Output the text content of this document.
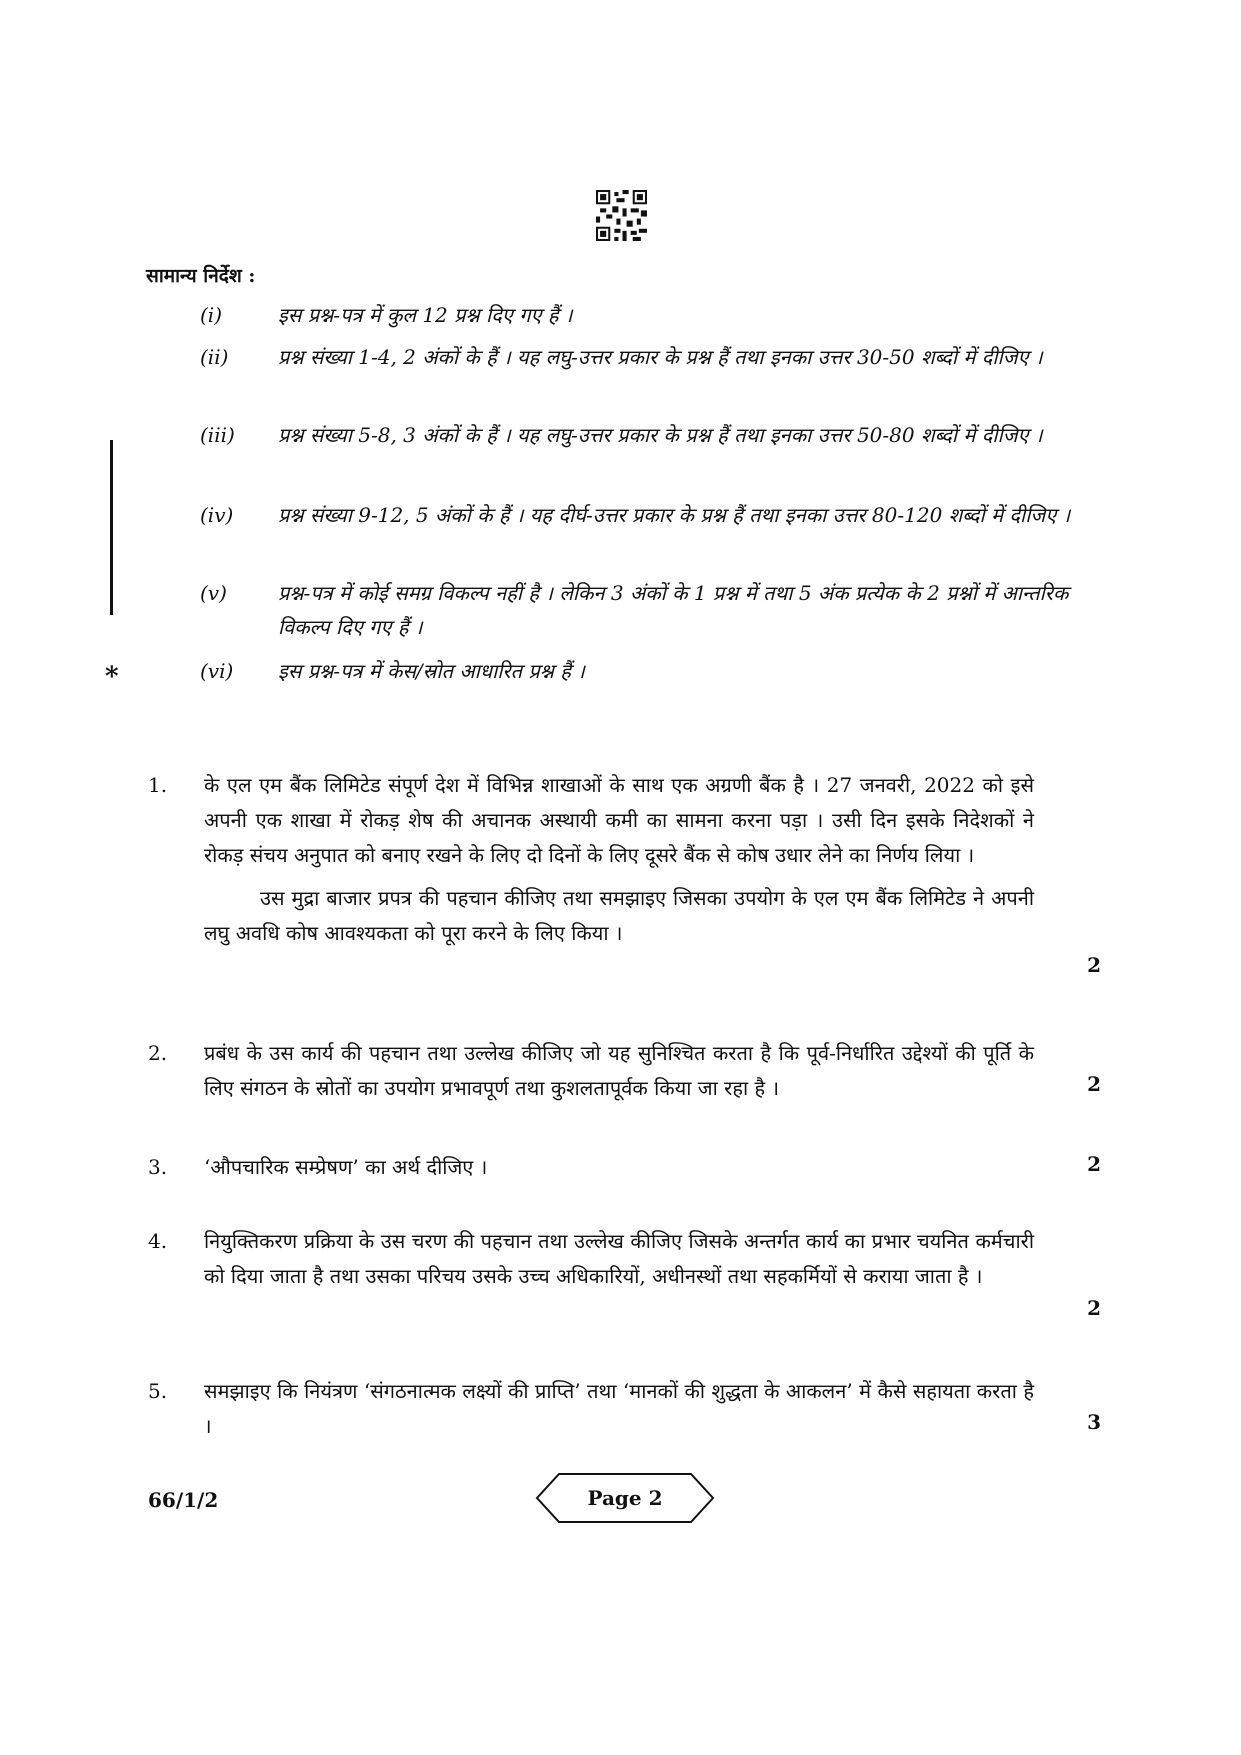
सामान्य निर्देश :
(i)	इस प्रश्न-पत्र में कुल 12 प्रश्न दिए गए हैं ।
(ii)	प्रश्न संख्या 1-4, 2 अंकों के हैं । यह लघु-उत्तर प्रकार के प्रश्न हैं तथा इनका उत्तर 30-50 शब्दों में दीजिए ।
(iii)	प्रश्न संख्या 5-8, 3 अंकों के हैं । यह लघु-उत्तर प्रकार के प्रश्न हैं तथा इनका उत्तर 50-80 शब्दों में दीजिए ।
(iv)	प्रश्न संख्या 9-12, 5 अंकों के हैं । यह दीर्घ-उत्तर प्रकार के प्रश्न हैं तथा इनका उत्तर 80-120 शब्दों में दीजिए ।
(v)	प्रश्न-पत्र में कोई समग्र विकल्प नहीं है । लेकिन 3 अंकों के 1 प्रश्न में तथा 5 अंक प्रत्येक के 2 प्रश्नों में आन्तरिक विकल्प दिए गए हैं ।
(vi)	इस प्रश्न-पत्र में केस/स्रोत आधारित प्रश्न हैं ।
*
1. के एल एम बैंक लिमिटेड संपूर्ण देश में विभिन्न शाखाओं के साथ एक अग्रणी बैंक है । 27 जनवरी, 2022 को इसे अपनी एक शाखा में रोकड़ शेष की अचानक अस्थायी कमी का सामना करना पड़ा । उसी दिन इसके निदेशकों ने रोकड़ संचय अनुपात को बनाए रखने के लिए दो दिनों के लिए दूसरे बैंक से कोष उधार लेने का निर्णय लिया ।
उस मुद्रा बाजार प्रपत्र की पहचान कीजिए तथा समझाइए जिसका उपयोग के एल एम बैंक लिमिटेड ने अपनी लघु अवधि कोष आवश्यकता को पूरा करने के लिए किया ।
2
2. प्रबंध के उस कार्य की पहचान तथा उल्लेख कीजिए जो यह सुनिश्चित करता है कि पूर्व-निर्धारित उद्देश्यों की पूर्ति के लिए संगठन के स्रोतों का उपयोग प्रभावपूर्ण तथा कुशलतापूर्वक किया जा रहा है ।	2
3. ‘औपचारिक सम्प्रेषण’ का अर्थ दीजिए ।	2
4. नियुक्तिकरण प्रक्रिया के उस चरण की पहचान तथा उल्लेख कीजिए जिसके अन्तर्गत कार्य का प्रभार चयनित कर्मचारी को दिया जाता है तथा उसका परिचय उसके उच्च अधिकारियों, अधीनस्थों तथा सहकर्मियों से कराया जाता है ।
2
5. समझाइए कि नियंत्रण ‘संगठनात्मक लक्ष्यों की प्राप्ति’ तथा ‘मानकों की शुद्धता के आकलन’ में कैसे सहायता करता है ।	3
66/1/2	Page 2
